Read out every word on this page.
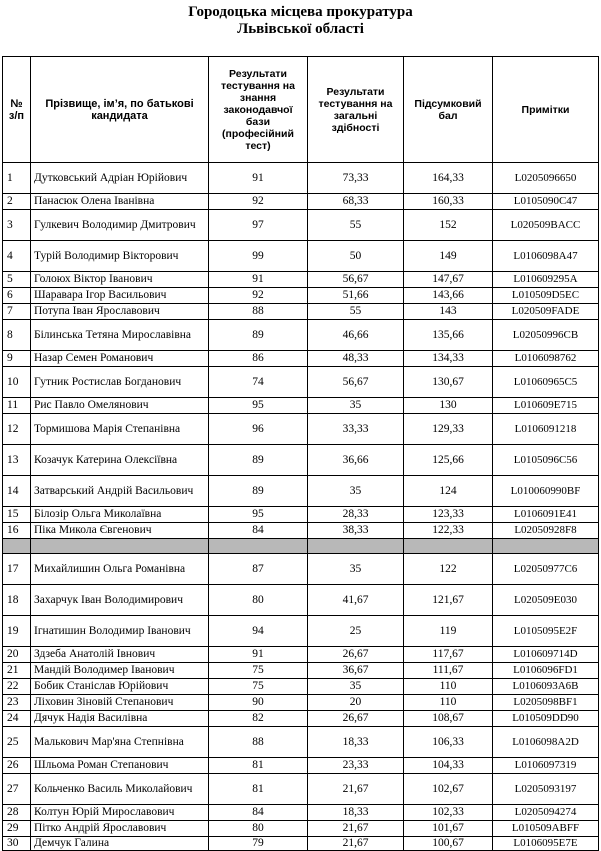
Городоцька місцева прокуратура
Львівської області
№ з/п	Прізвище, ім’я, по батькові кандидата	Результати тестування на знання законодавчої бази (професійний тест)	Результати тестування на загальні здібності	Підсумковий бал	Примітки
1	Дутковський Адріан Юрійович	91	73,33	164,33	L0205096650
2	Панасюк Олена Іванівна	92	68,33	160,33	L0105090C47
3	Гулкевич Володимир Дмитрович	97	55	152	L020509BACC
4	Турій Володимир Вікторович	99	50	149	L0106098A47
5	Голоюх Віктор Іванович	91	56,67	147,67	L010609295A
6	Шаравара Ігор Васильович	92	51,66	143,66	L010509D5EC
7	Потупа Іван Ярославович	88	55	143	L020509FADE
8	Білинська Тетяна Мирославівна	89	46,66	135,66	L02050996CB
9	Назар Семен Романович	86	48,33	134,33	L0106098762
10	Гутник Ростислав Богданович	74	56,67	130,67	L01060965C5
11	Рис Павло Омелянович	95	35	130	L010609E715
12	Тормишова Марія Степанівна	96	33,33	129,33	L0106091218
13	Козачук Катерина Олексіївна	89	36,66	125,66	L0105096C56
14	Затварський Андрій Васильович	89	35	124	L010060990BF
15	Білозір Ольга Миколаївна	95	28,33	123,33	L0106091E41
16	Піка Микола Євгенович	84	38,33	122,33	L02050928F8

17	Михайлишин Ольга Романівна	87	35	122	L02050977C6
18	Захарчук Іван Володимирович	80	41,67	121,67	L020509E030
19	Ігнатишин Володимир Іванович	94	25	119	L0105095E2F
20	Здзеба Анатолій Івнович	91	26,67	117,67	L010609714D
21	Мандій Володимер Іванович	75	36,67	111,67	L0106096FD1
22	Бобик Станіслав Юрійович	75	35	110	L0106093A6B
23	Ліховин Зіновій Степанович	90	20	110	L0205098BF1
24	Дячук Надія Василівна	82	26,67	108,67	L010509DD90
25	Малькович Мар'яна Степнівна	88	18,33	106,33	L0106098A2D
26	Шльома Роман Степанович	81	23,33	104,33	L0106097319
27	Кольченко Василь Миколайович	81	21,67	102,67	L0205093197
28	Колтун Юрій Мирославович	84	18,33	102,33	L0205094274
29	Пітко Андрій Ярославович	80	21,67	101,67	L010509ABFF
30	Демчук Галина	79	21,67	100,67	L0106095E7E
